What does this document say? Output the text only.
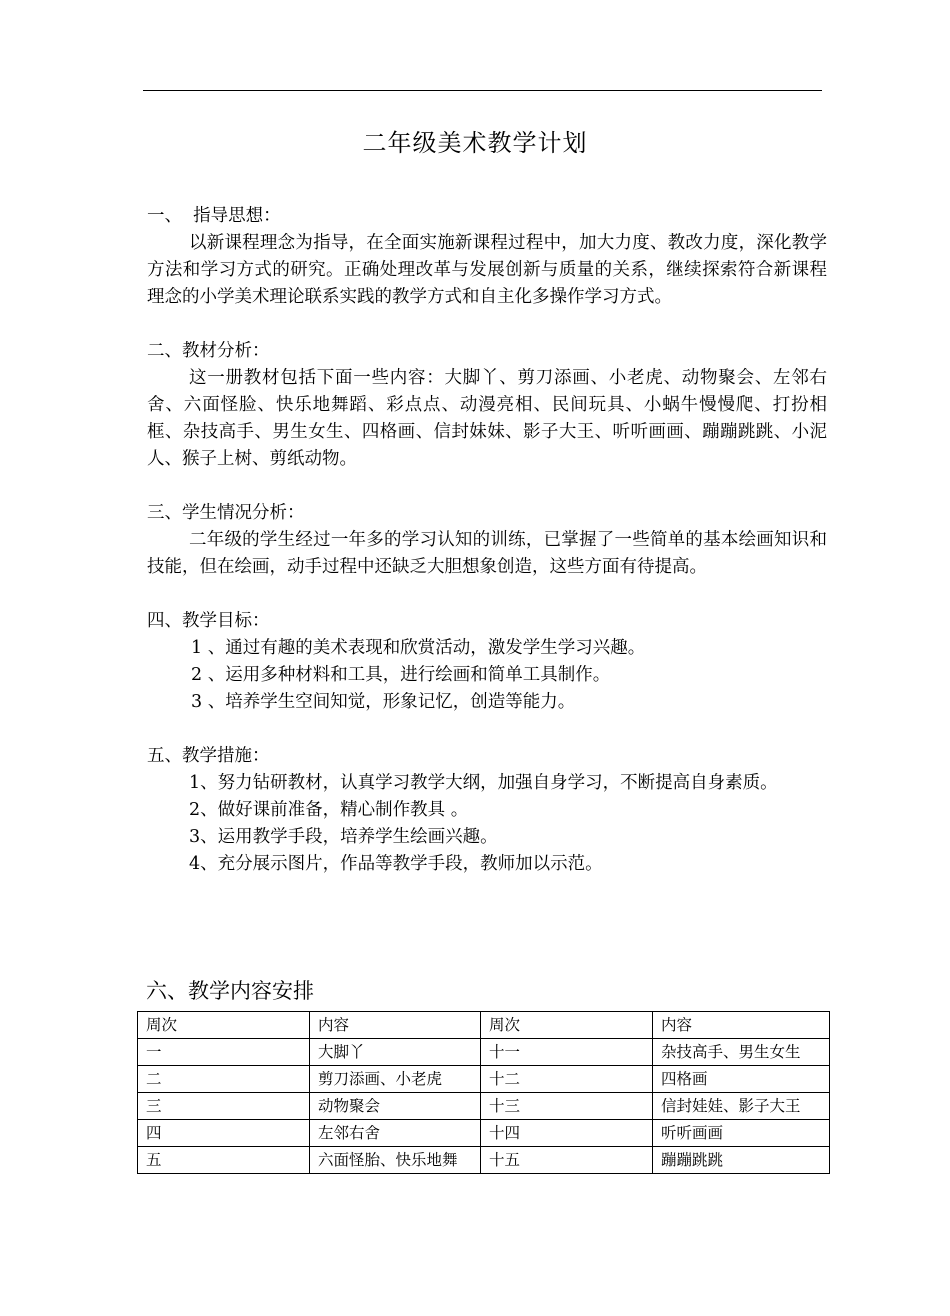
二年级美术教学计划

一、  指导思想：

以新课程理念为指导，在全面实施新课程过程中，加大力度、教改力度，深化教学方法和学习方式的研究。正确处理改革与发展创新与质量的关系，继续探索符合新课程理念的小学美术理论联系实践的教学方式和自主化多操作学习方式。

二、教材分析：

这一册教材包括下面一些内容：大脚丫、剪刀添画、小老虎、动物聚会、左邻右舍、六面怪脸、快乐地舞蹈、彩点点、动漫亮相、民间玩具、小蜗牛慢慢爬、打扮相框、杂技高手、男生女生、四格画、信封妹妹、影子大王、听听画画、蹦蹦跳跳、小泥人、猴子上树、剪纸动物。

三、学生情况分析：

二年级的学生经过一年多的学习认知的训练，已掌握了一些简单的基本绘画知识和技能，但在绘画，动手过程中还缺乏大胆想象创造，这些方面有待提高。

四、教学目标：

1 、通过有趣的美术表现和欣赏活动，激发学生学习兴趣。

2 、运用多种材料和工具，进行绘画和简单工具制作。

3 、培养学生空间知觉，形象记忆，创造等能力。

五、教学措施：

1、努力钻研教材，认真学习教学大纲，加强自身学习，不断提高自身素质。

2、做好课前准备，精心制作教具 。

3、运用教学手段，培养学生绘画兴趣。

4、充分展示图片，作品等教学手段，教师加以示范。

六、教学内容安排
周次	内容	周次	内容
一	大脚丫	十一	杂技高手、男生女生
二	剪刀添画、小老虎	十二	四格画
三	动物聚会	十三	信封娃娃、影子大王
四	左邻右舍	十四	听听画画
五	六面怪胎、快乐地舞	十五	蹦蹦跳跳
